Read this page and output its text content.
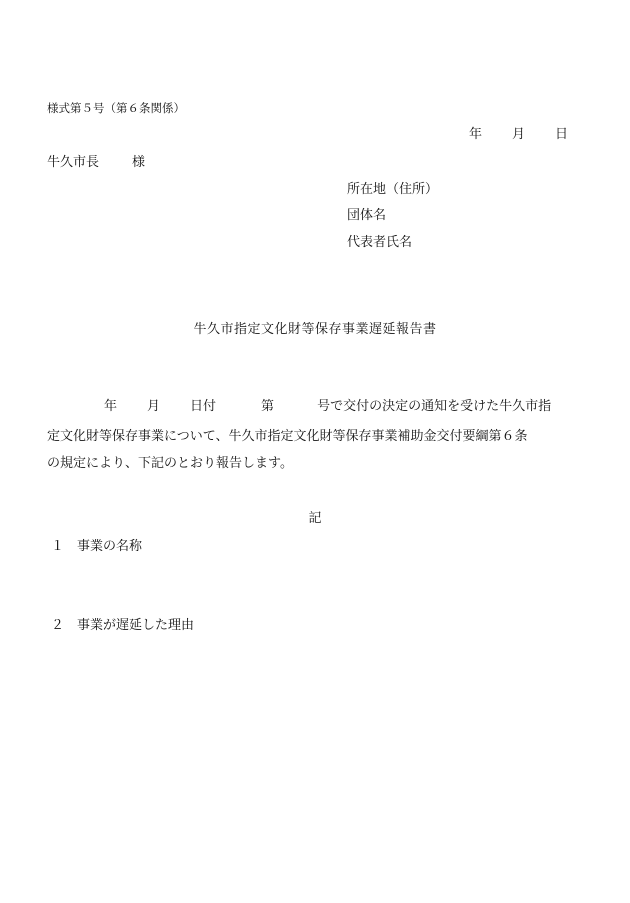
様式第５号（第６条関係）
年 月 日
牛久市長	様
所在地（住所）
団体名
代表者氏名
牛久市指定文化財等保存事業遅延報告書
年 月 日付	第	号で交付の決定の通知を受けた牛久市指
定文化財等保存事業について、牛久市指定文化財等保存事業補助金交付要綱第６条
の規定により、下記のとおり報告します。
記
１ 事業の名称
２ 事業が遅延した理由
